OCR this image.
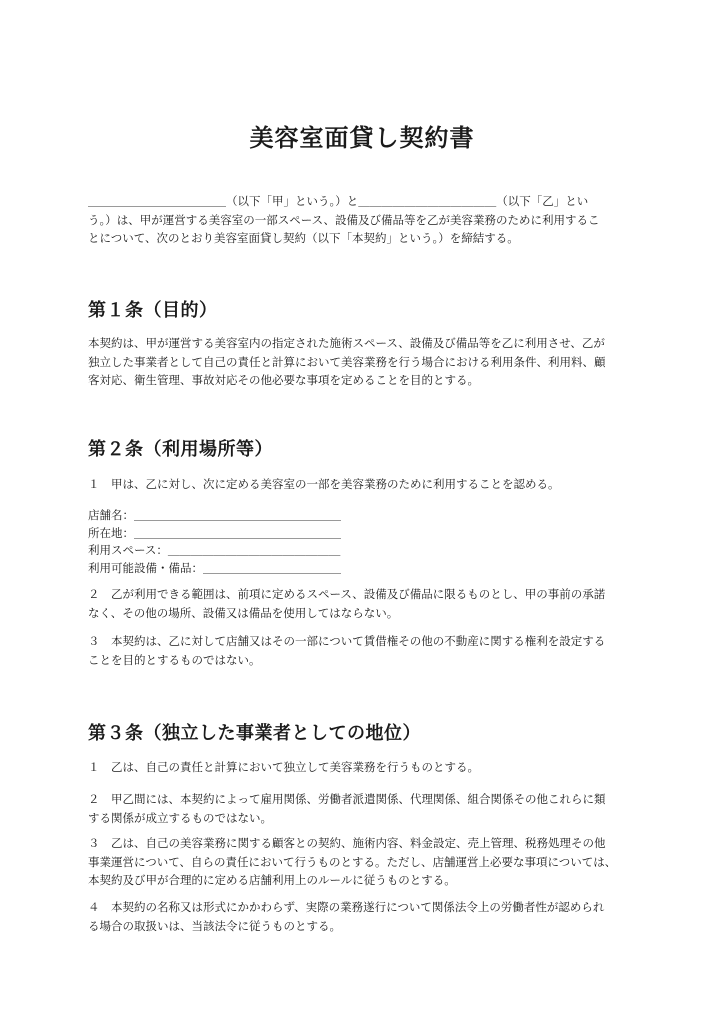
美容室面貸し契約書
＿＿＿＿＿＿＿＿＿＿＿＿（以下「甲」という。）と＿＿＿＿＿＿＿＿＿＿＿＿（以下「乙」とい
う。）は、甲が運営する美容室の一部スペース、設備及び備品等を乙が美容業務のために利用するこ
とについて、次のとおり美容室面貸し契約（以下「本契約」という。）を締結する。
第１条（目的）
本契約は、甲が運営する美容室内の指定された施術スペース、設備及び備品等を乙に利用させ、乙が
独立した事業者として自己の責任と計算において美容業務を行う場合における利用条件、利用料、顧
客対応、衛生管理、事故対応その他必要な事項を定めることを目的とする。
第２条（利用場所等）
１　甲は、乙に対し、次に定める美容室の一部を美容業務のために利用することを認める。
店舗名：＿＿＿＿＿＿＿＿＿＿＿＿＿＿＿＿＿＿
所在地：＿＿＿＿＿＿＿＿＿＿＿＿＿＿＿＿＿＿
利用スペース：＿＿＿＿＿＿＿＿＿＿＿＿＿＿＿
利用可能設備・備品：＿＿＿＿＿＿＿＿＿＿＿＿
２　乙が利用できる範囲は、前項に定めるスペース、設備及び備品に限るものとし、甲の事前の承諾
なく、その他の場所、設備又は備品を使用してはならない。
３　本契約は、乙に対して店舗又はその一部について賃借権その他の不動産に関する権利を設定する
ことを目的とするものではない。
第３条（独立した事業者としての地位）
１　乙は、自己の責任と計算において独立して美容業務を行うものとする。
２　甲乙間には、本契約によって雇用関係、労働者派遣関係、代理関係、組合関係その他これらに類
する関係が成立するものではない。
３　乙は、自己の美容業務に関する顧客との契約、施術内容、料金設定、売上管理、税務処理その他
事業運営について、自らの責任において行うものとする。ただし、店舗運営上必要な事項については、
本契約及び甲が合理的に定める店舗利用上のルールに従うものとする。
４　本契約の名称又は形式にかかわらず、実際の業務遂行について関係法令上の労働者性が認められ
る場合の取扱いは、当該法令に従うものとする。
